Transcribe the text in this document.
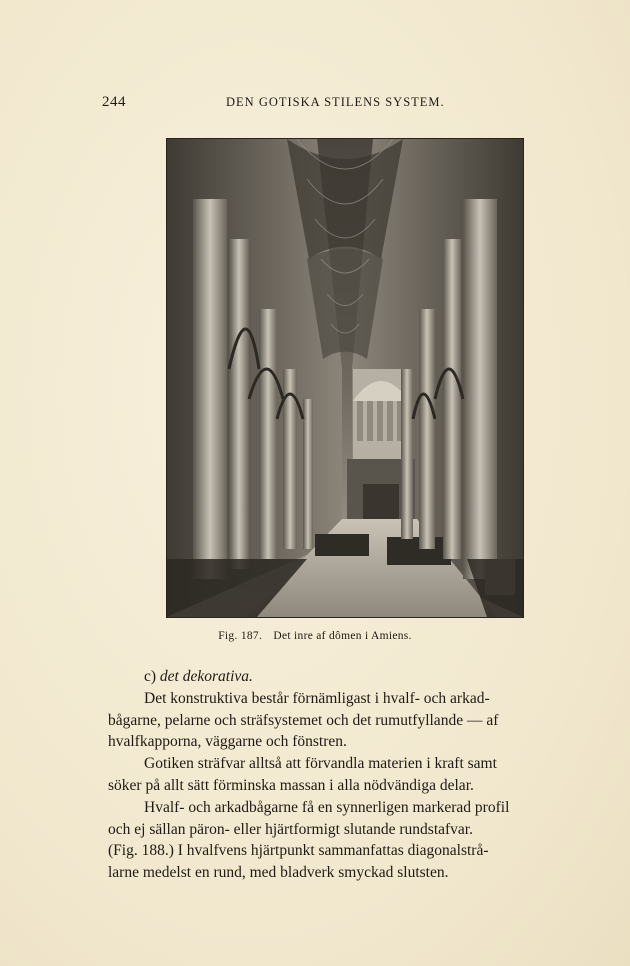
244	DEN GOTISKA STILENS SYSTEM.
Fig. 187. Det inre af dômen i Amiens.
c) det dekorativa.
Det konstruktiva består förnämligast i hvalf- och arkad-
bågarne, pelarne och sträfsystemet och det rumutfyllande — af
hvalfkapporna, väggarne och fönstren.
Gotiken sträfvar alltså att förvandla materien i kraft samt
söker på allt sätt förminska massan i alla nödvändiga delar.
Hvalf- och arkadbågarne få en synnerligen markerad profil
och ej sällan päron- eller hjärtformigt slutande rundstafvar.
(Fig. 188.) I hvalfvens hjärtpunkt sammanfattas diagonalstrå-
larne medelst en rund, med bladverk smyckad slutsten.
